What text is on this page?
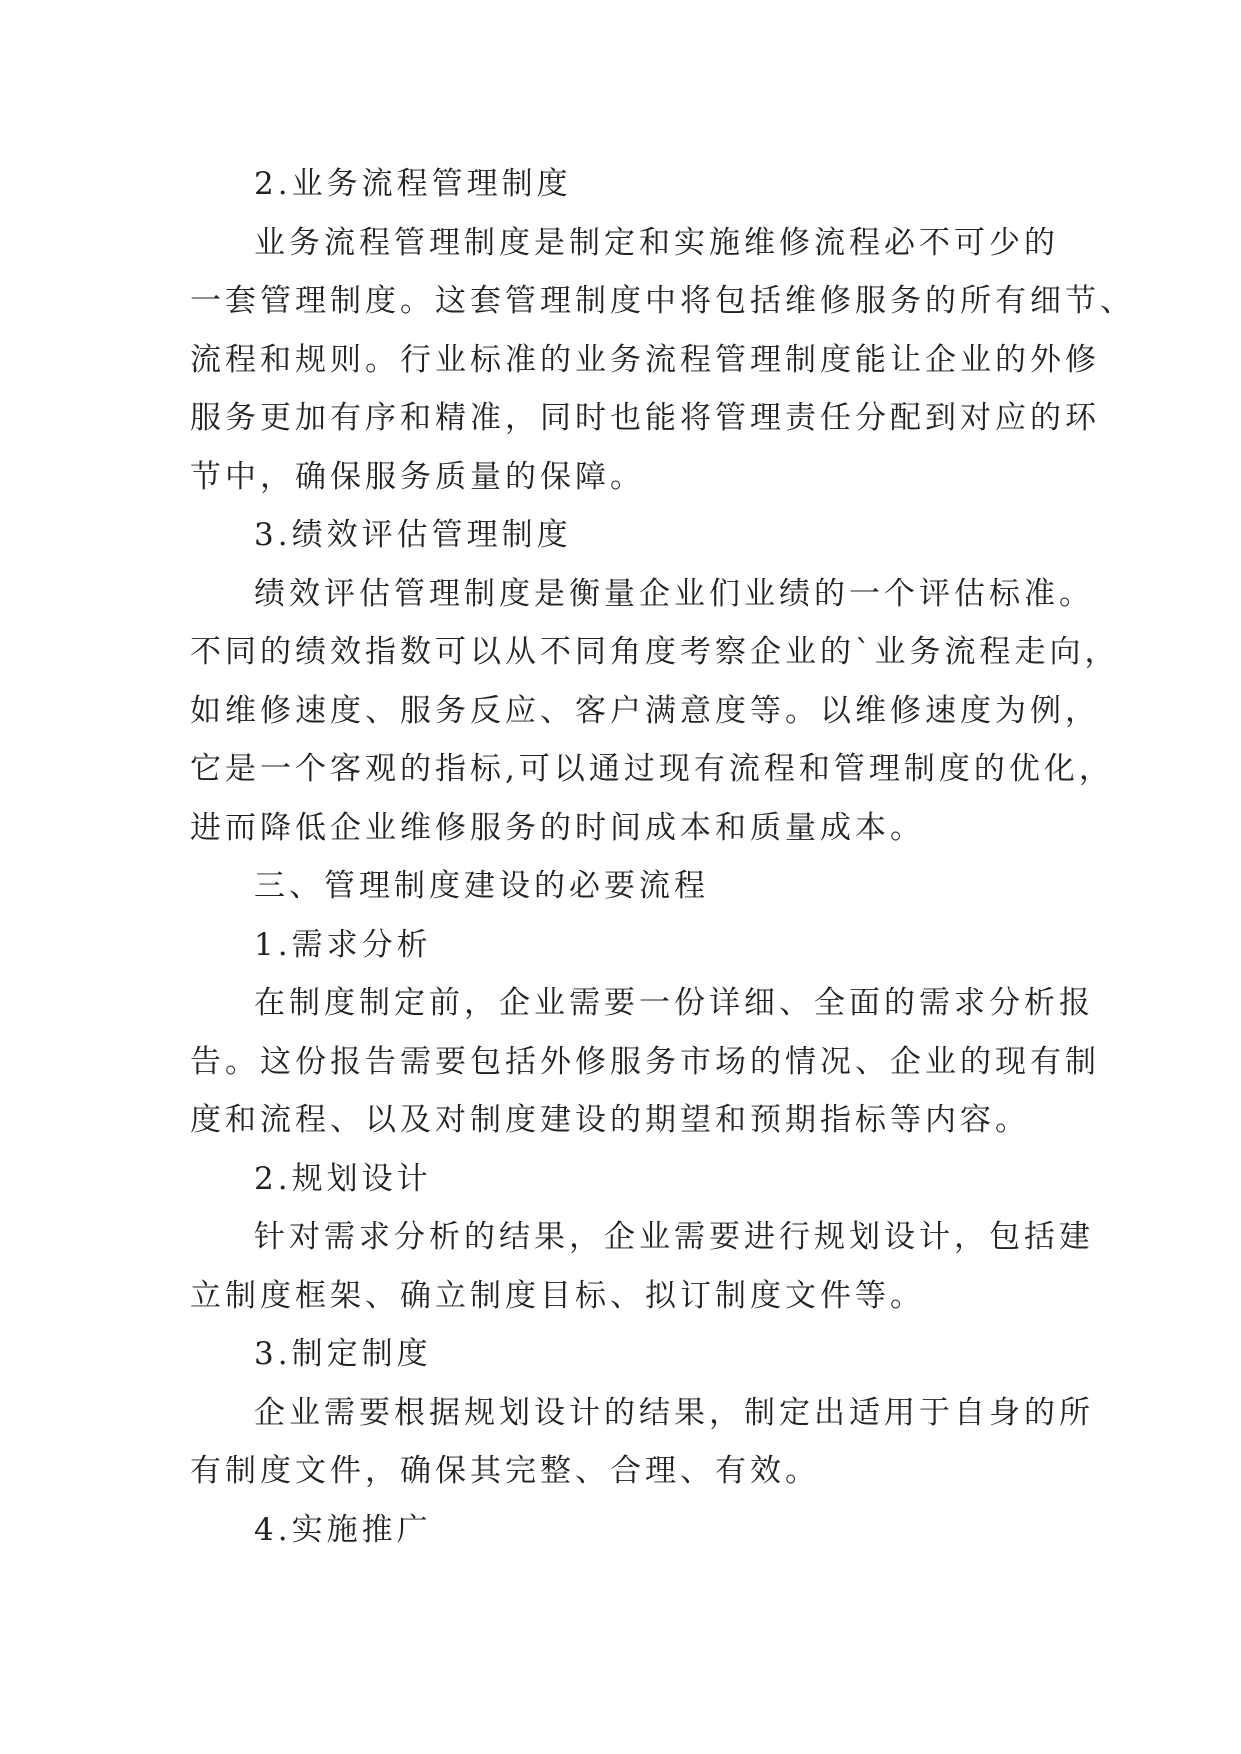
2.业务流程管理制度
业务流程管理制度是制定和实施维修流程必不可少的
一套管理制度。这套管理制度中将包括维修服务的所有细节、
流程和规则。行业标准的业务流程管理制度能让企业的外修
服务更加有序和精准，同时也能将管理责任分配到对应的环
节中，确保服务质量的保障。
3.绩效评估管理制度
绩效评估管理制度是衡量企业们业绩的一个评估标准。
不同的绩效指数可以从不同角度考察企业的`业务流程走向，
如维修速度、服务反应、客户满意度等。以维修速度为例，
它是一个客观的指标,可以通过现有流程和管理制度的优化，
进而降低企业维修服务的时间成本和质量成本。
三、管理制度建设的必要流程
1.需求分析
在制度制定前，企业需要一份详细、全面的需求分析报
告。这份报告需要包括外修服务市场的情况、企业的现有制
度和流程、以及对制度建设的期望和预期指标等内容。
2.规划设计
针对需求分析的结果，企业需要进行规划设计，包括建
立制度框架、确立制度目标、拟订制度文件等。
3.制定制度
企业需要根据规划设计的结果，制定出适用于自身的所
有制度文件，确保其完整、合理、有效。
4.实施推广
